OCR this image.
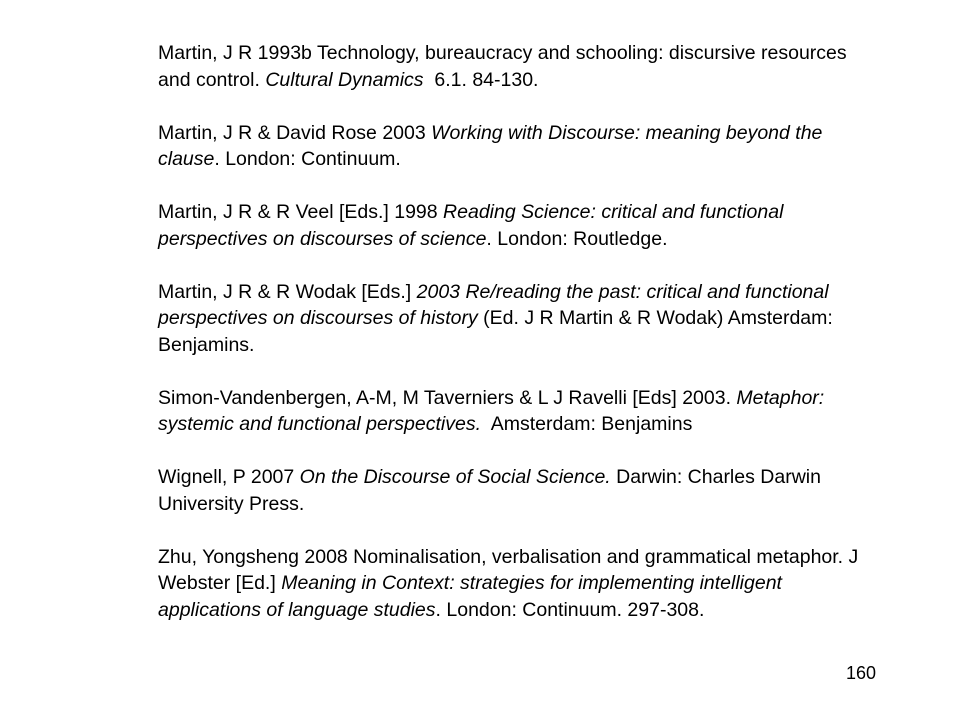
Martin, J R 1993b Technology, bureaucracy and schooling: discursive resources and control. Cultural Dynamics  6.1. 84-130.

Martin, J R & David Rose 2003 Working with Discourse: meaning beyond the clause. London: Continuum.

Martin, J R & R Veel [Eds.] 1998 Reading Science: critical and functional perspectives on discourses of science. London: Routledge.

Martin, J R & R Wodak [Eds.] 2003 Re/reading the past: critical and functional perspectives on discourses of history (Ed. J R Martin & R Wodak) Amsterdam: Benjamins.

Simon-Vandenbergen, A-M, M Taverniers & L J Ravelli [Eds] 2003. Metaphor: systemic and functional perspectives.  Amsterdam: Benjamins

Wignell, P 2007 On the Discourse of Social Science. Darwin: Charles Darwin University Press.

Zhu, Yongsheng 2008 Nominalisation, verbalisation and grammatical metaphor. J Webster [Ed.] Meaning in Context: strategies for implementing intelligent applications of language studies. London: Continuum. 297-308.

160
